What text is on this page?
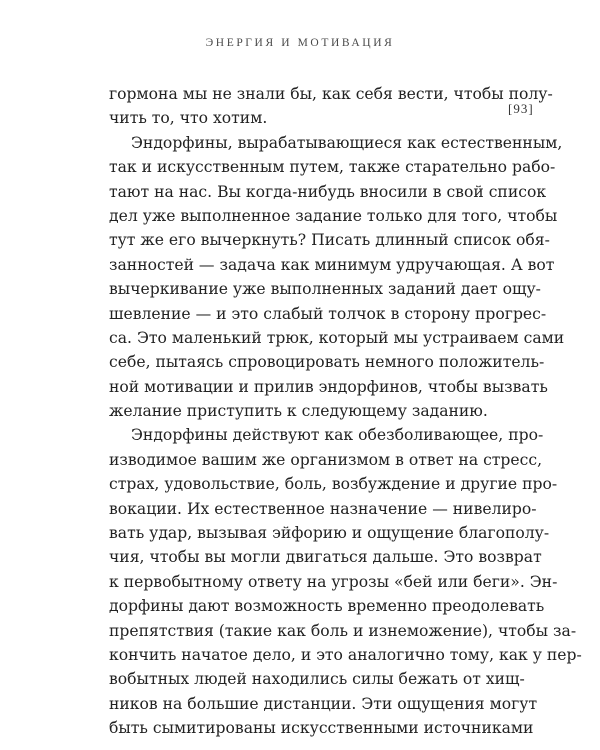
ЭНЕРГИЯ И МОТИВАЦИЯ
[93]
гормона мы не знали бы, как себя вести, чтобы полу-
чить то, что хотим.
Эндорфины, вырабатывающиеся как естественным,
так и искусственным путем, также старательно рабо-
тают на нас. Вы когда-нибудь вносили в свой список
дел уже выполненное задание только для того, чтобы
тут же его вычеркнуть? Писать длинный список обя-
занностей — задача как минимум удручающая. А вот
вычеркивание уже выполненных заданий дает ощу-
шевление — и это слабый толчок в сторону прогрес-
са. Это маленький трюк, который мы устраиваем сами
себе, пытаясь спровоцировать немного положитель-
ной мотивации и прилив эндорфинов, чтобы вызвать
желание приступить к следующему заданию.
Эндорфины действуют как обезболивающее, про-
изводимое вашим же организмом в ответ на стресс,
страх, удовольствие, боль, возбуждение и другие про-
вокации. Их естественное назначение — нивелиро-
вать удар, вызывая эйфорию и ощущение благополу-
чия, чтобы вы могли двигаться дальше. Это возврат
к первобытному ответу на угрозы «бей или беги». Эн-
дорфины дают возможность временно преодолевать
препятствия (такие как боль и изнеможение), чтобы за-
кончить начатое дело, и это аналогично тому, как у пер-
вобытных людей находились силы бежать от хищ-
ников на большие дистанции. Эти ощущения могут
быть сымитированы искусственными источниками
